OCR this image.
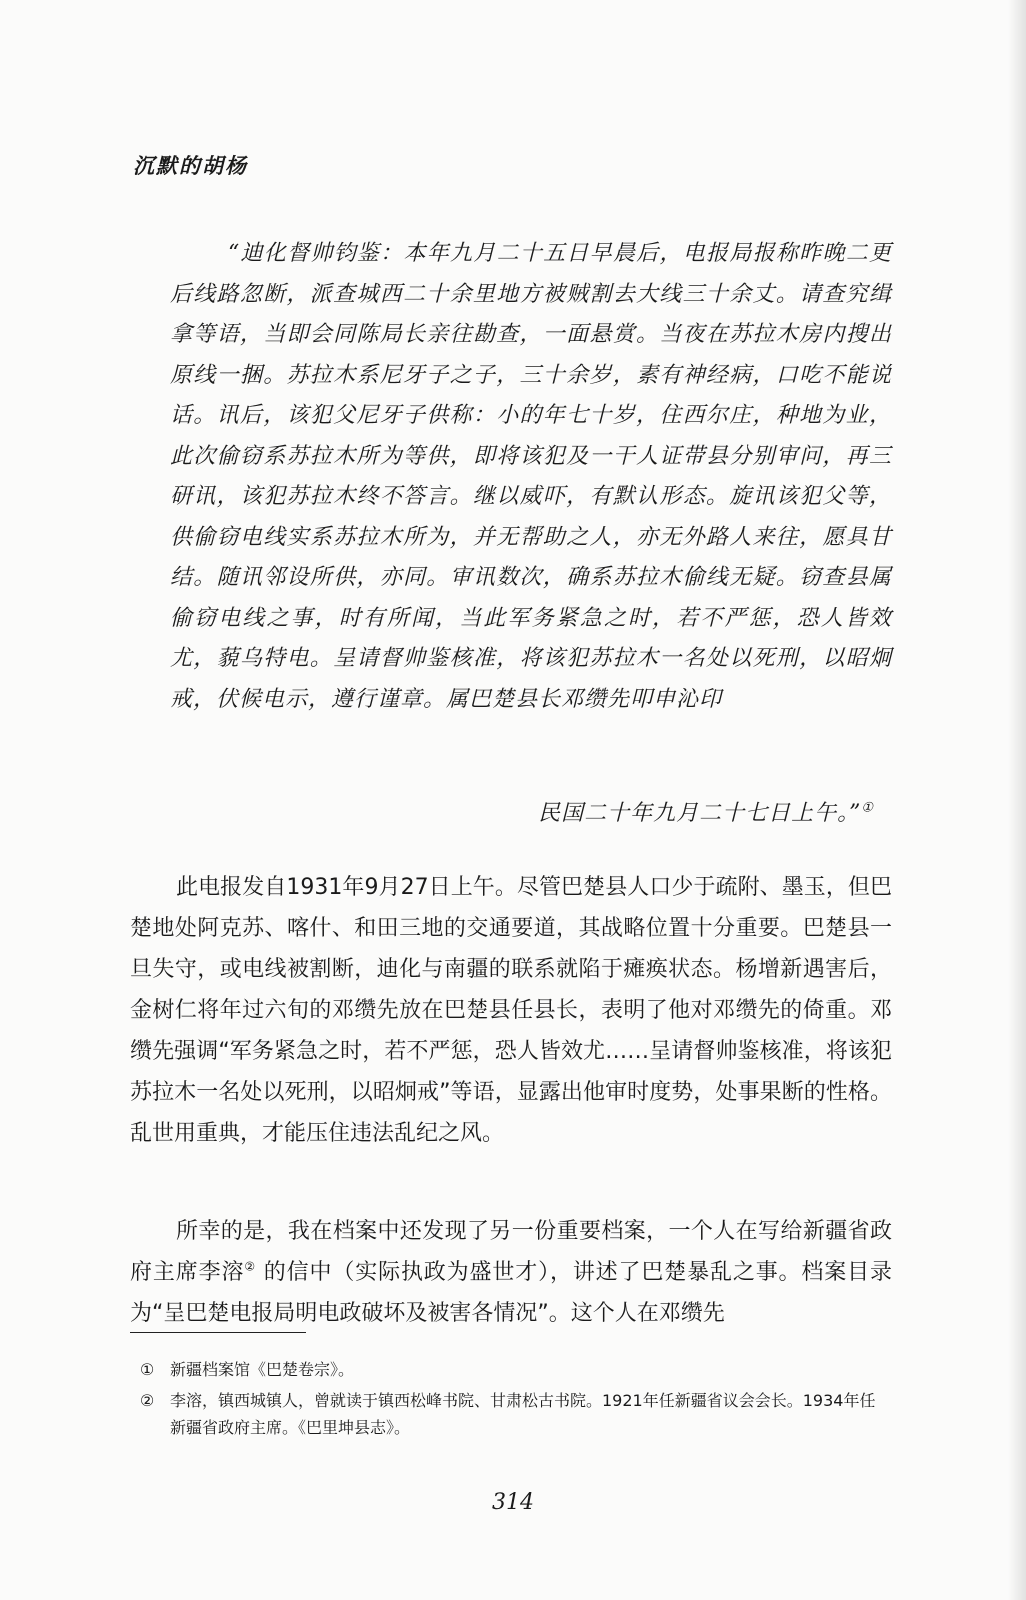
沉默的胡杨

“迪化督帅钧鉴：本年九月二十五日早晨后，电报局报称昨晚二更后线路忽断，派查城西二十余里地方被贼割去大线三十余丈。请查究缉拿等语，当即会同陈局长亲往勘查，一面悬赏。当夜在苏拉木房内搜出原线一捆。苏拉木系尼牙子之子，三十余岁，素有神经病，口吃不能说话。讯后，该犯父尼牙子供称：小的年七十岁，住西尔庄，种地为业，此次偷窃系苏拉木所为等供，即将该犯及一干人证带县分别审问，再三研讯，该犯苏拉木终不答言。继以威吓，有默认形态。旋讯该犯父等，供偷窃电线实系苏拉木所为，并无帮助之人，亦无外路人来往，愿具甘结。随讯邻设所供，亦同。审讯数次，确系苏拉木偷线无疑。窃查县属偷窃电线之事，时有所闻，当此军务紧急之时，若不严惩，恐人皆效尤，藐乌特电。呈请督帅鉴核准，将该犯苏拉木一名处以死刑，以昭炯戒，伏候电示，遵行谨章。属巴楚县长邓缵先叩申沁印

民国二十年九月二十七日上午。”①

此电报发自1931年9月27日上午。尽管巴楚县人口少于疏附、墨玉，但巴楚地处阿克苏、喀什、和田三地的交通要道，其战略位置十分重要。巴楚县一旦失守，或电线被割断，迪化与南疆的联系就陷于瘫痪状态。杨增新遇害后，金树仁将年过六旬的邓缵先放在巴楚县任县长，表明了他对邓缵先的倚重。邓缵先强调“军务紧急之时，若不严惩，恐人皆效尤……呈请督帅鉴核准，将该犯苏拉木一名处以死刑，以昭炯戒”等语，显露出他审时度势，处事果断的性格。乱世用重典，才能压住违法乱纪之风。

所幸的是，我在档案中还发现了另一份重要档案，一个人在写给新疆省政府主席李溶② 的信中（实际执政为盛世才），讲述了巴楚暴乱之事。档案目录为“呈巴楚电报局明电政破坏及被害各情况”。这个人在邓缵先

① 新疆档案馆《巴楚卷宗》。
② 李溶，镇西城镇人，曾就读于镇西松峰书院、甘肃松古书院。1921年任新疆省议会会长。1934年任新疆省政府主席。《巴里坤县志》。
314
